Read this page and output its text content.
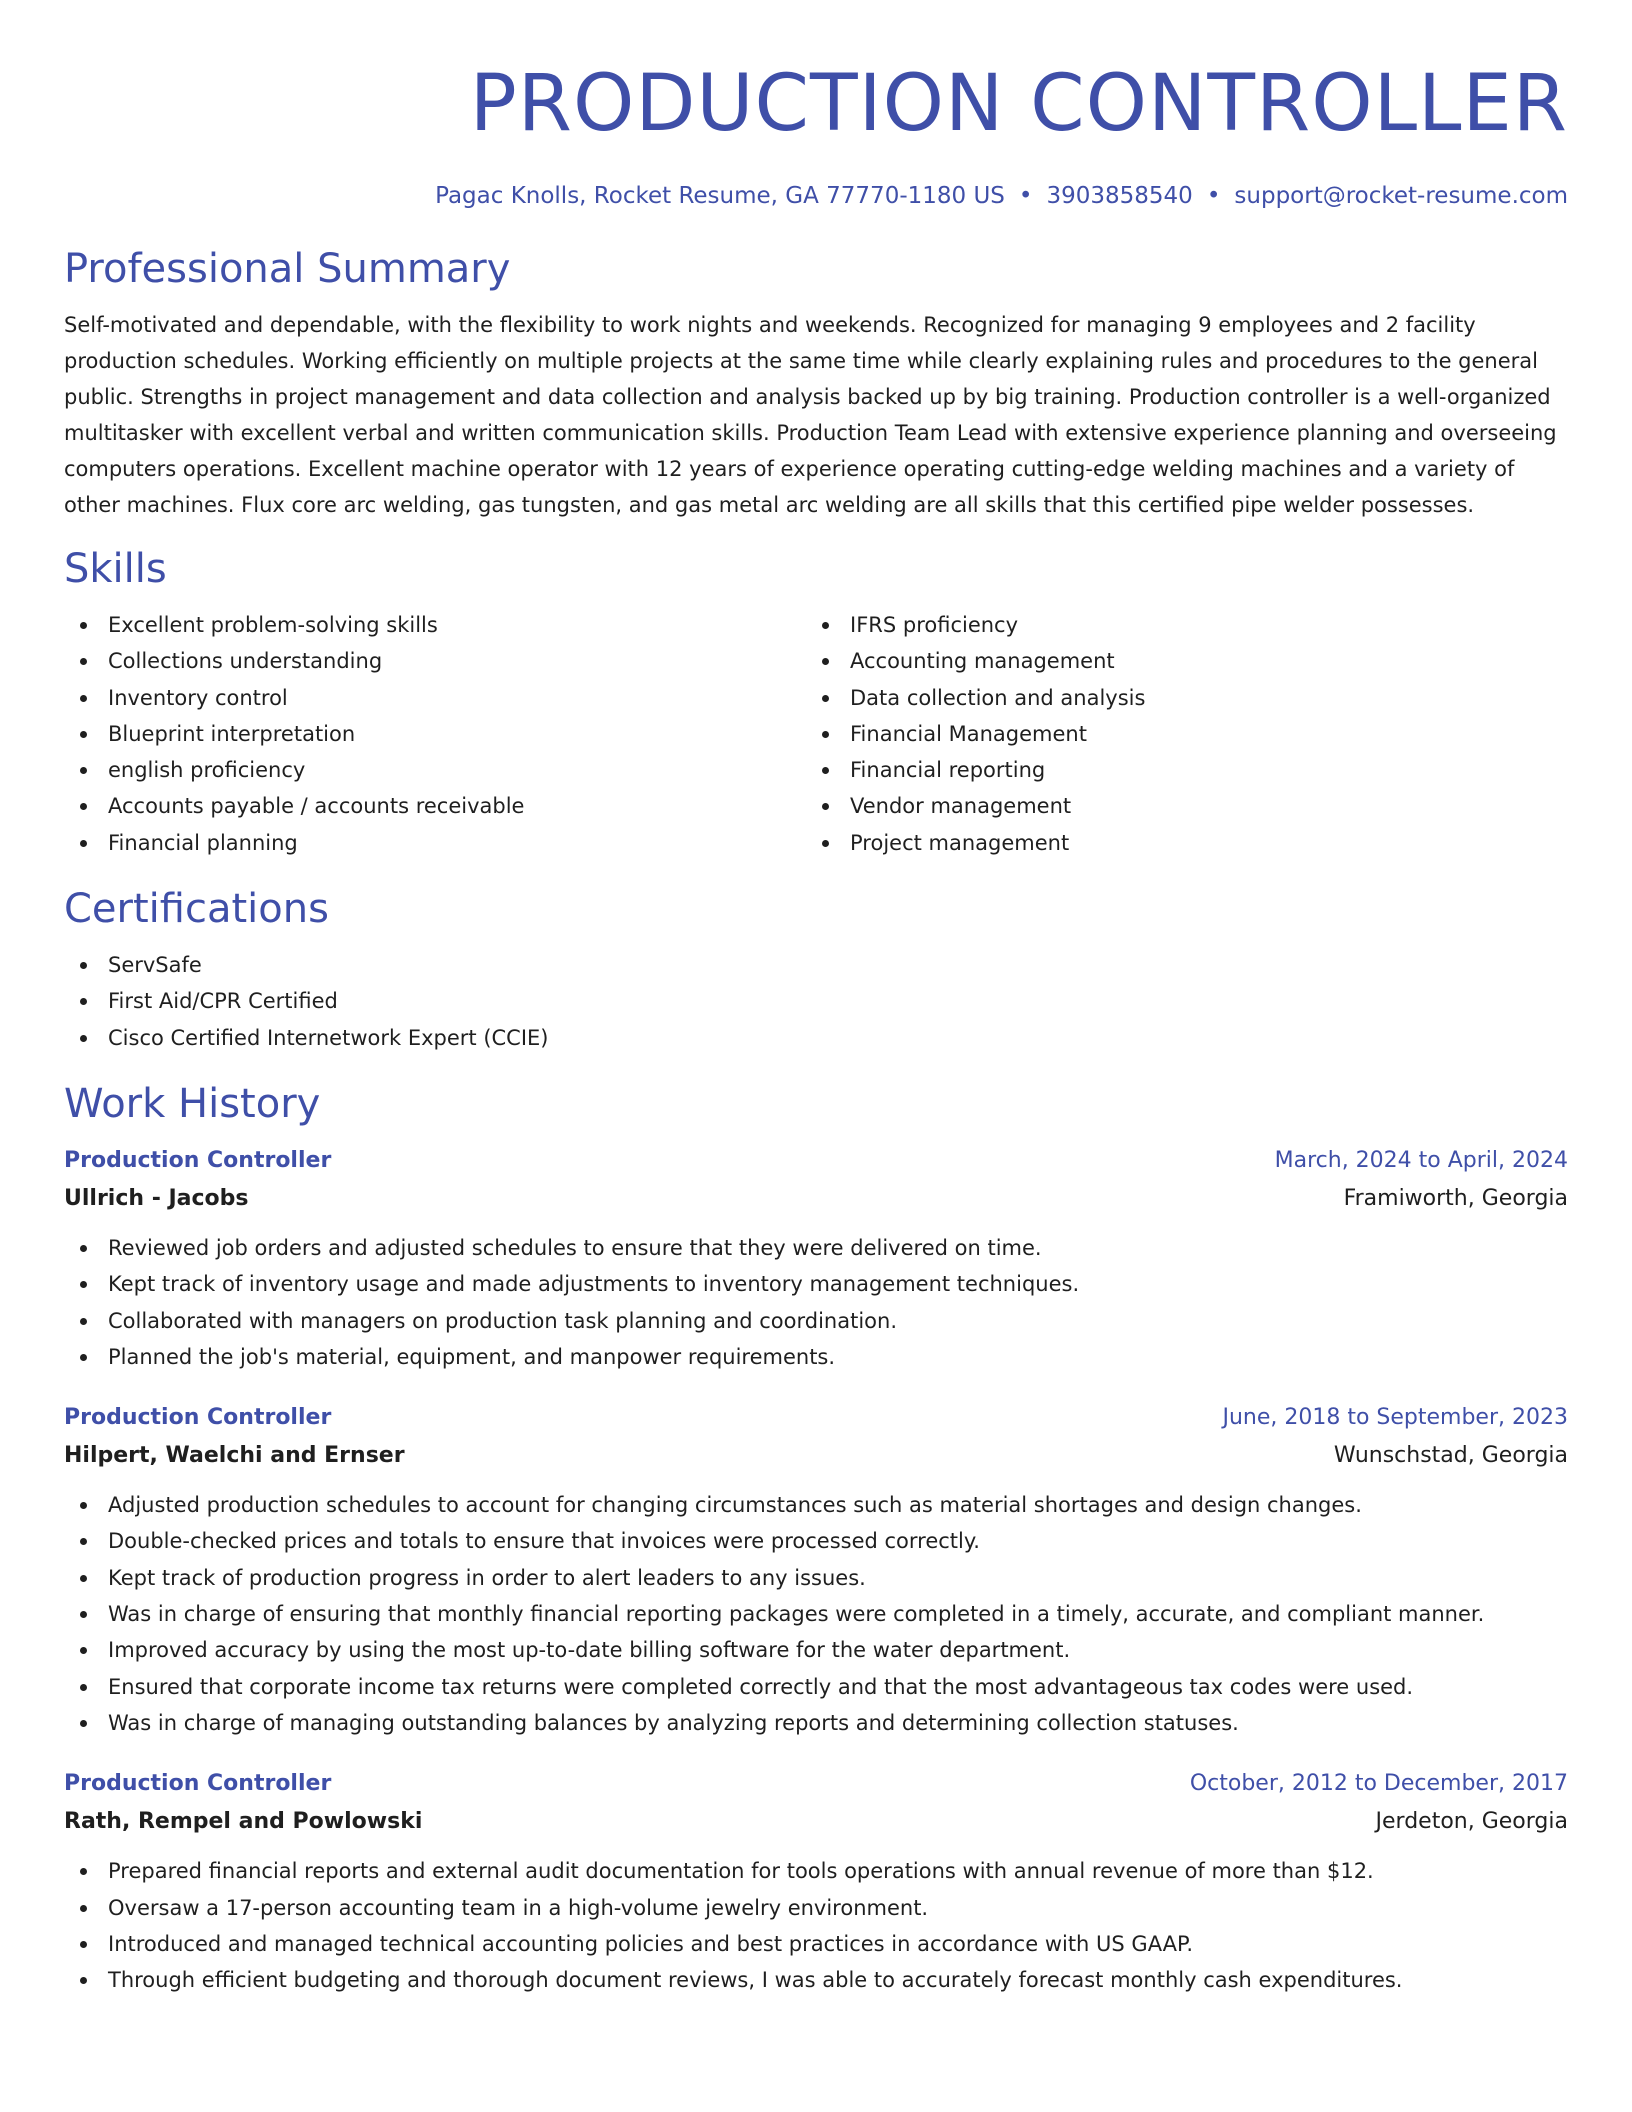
PRODUCTION CONTROLLER
Pagac Knolls, Rocket Resume, GA 77770-1180 US • 3903858540 • support@rocket-resume.com
Professional Summary

Self-motivated and dependable, with the flexibility to work nights and weekends. Recognized for managing 9 employees and 2 facility production schedules. Working efficiently on multiple projects at the same time while clearly explaining rules and procedures to the general public. Strengths in project management and data collection and analysis backed up by big training. Production controller is a well-organized multitasker with excellent verbal and written communication skills. Production Team Lead with extensive experience planning and overseeing computers operations. Excellent machine operator with 12 years of experience operating cutting-edge welding machines and a variety of other machines. Flux core arc welding, gas tungsten, and gas metal arc welding are all skills that this certified pipe welder possesses.

Skills
Excellent problem-solving skills
Collections understanding
Inventory control
Blueprint interpretation
english proficiency
Accounts payable / accounts receivable
Financial planning
IFRS proficiency
Accounting management
Data collection and analysis
Financial Management
Financial reporting
Vendor management
Project management
Certifications
ServSafe
First Aid/CPR Certified
Cisco Certified Internetwork Expert (CCIE)
Work History
Production Controller	March, 2024 to April, 2024
Ullrich - Jacobs	Framiworth, Georgia
Reviewed job orders and adjusted schedules to ensure that they were delivered on time.
Kept track of inventory usage and made adjustments to inventory management techniques.
Collaborated with managers on production task planning and coordination.
Planned the job's material, equipment, and manpower requirements.
Production Controller	June, 2018 to September, 2023
Hilpert, Waelchi and Ernser	Wunschstad, Georgia
Adjusted production schedules to account for changing circumstances such as material shortages and design changes.
Double-checked prices and totals to ensure that invoices were processed correctly.
Kept track of production progress in order to alert leaders to any issues.
Was in charge of ensuring that monthly financial reporting packages were completed in a timely, accurate, and compliant manner.
Improved accuracy by using the most up-to-date billing software for the water department.
Ensured that corporate income tax returns were completed correctly and that the most advantageous tax codes were used.
Was in charge of managing outstanding balances by analyzing reports and determining collection statuses.
Production Controller	October, 2012 to December, 2017
Rath, Rempel and Powlowski	Jerdeton, Georgia
Prepared financial reports and external audit documentation for tools operations with annual revenue of more than $12.
Oversaw a 17-person accounting team in a high-volume jewelry environment.
Introduced and managed technical accounting policies and best practices in accordance with US GAAP.
Through efficient budgeting and thorough document reviews, I was able to accurately forecast monthly cash expenditures.
